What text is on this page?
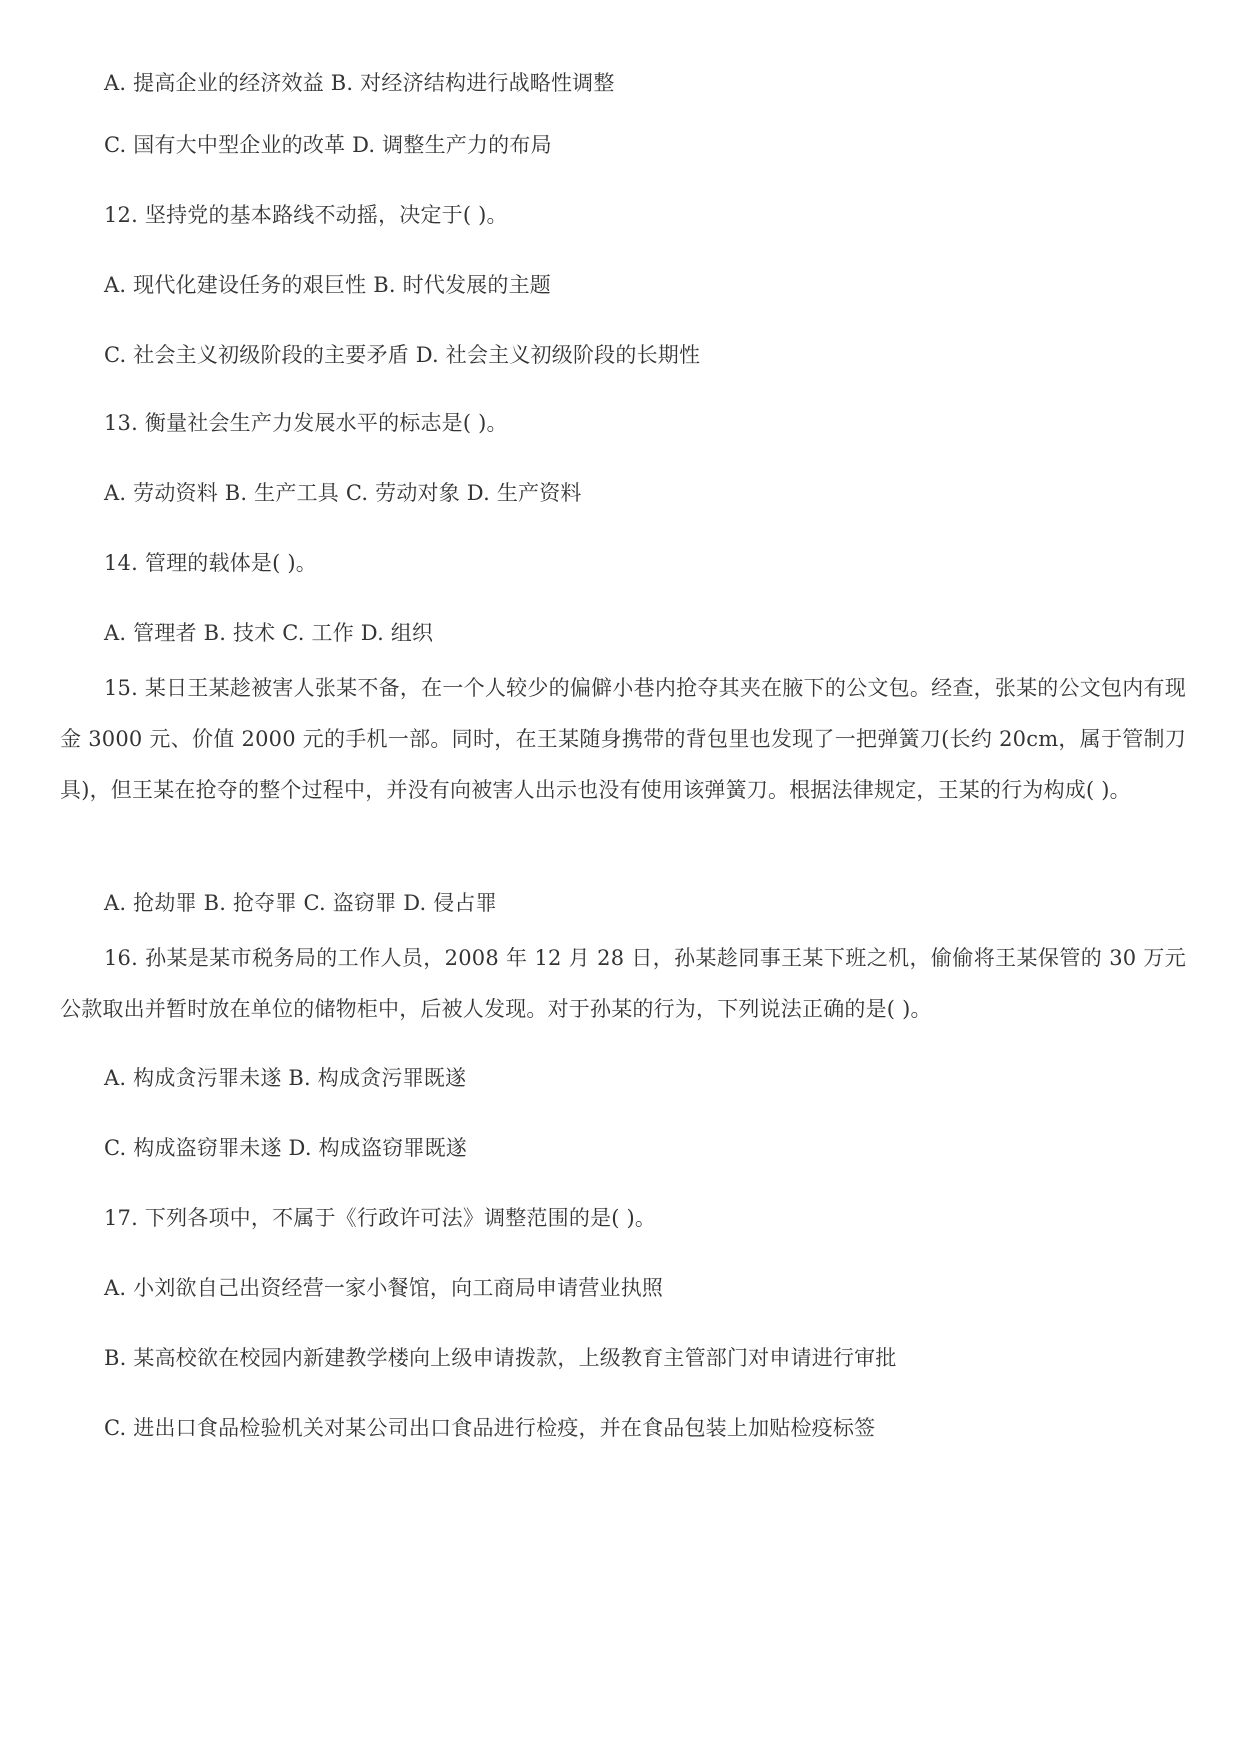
A. 提高企业的经济效益 B. 对经济结构进行战略性调整
C. 国有大中型企业的改革 D. 调整生产力的布局
12. 坚持党的基本路线不动摇，决定于( )。
A. 现代化建设任务的艰巨性 B. 时代发展的主题
C. 社会主义初级阶段的主要矛盾 D. 社会主义初级阶段的长期性
13. 衡量社会生产力发展水平的标志是( )。
A. 劳动资料 B. 生产工具 C. 劳动对象 D. 生产资料
14. 管理的载体是( )。
A. 管理者 B. 技术 C. 工作 D. 组织
15. 某日王某趁被害人张某不备，在一个人较少的偏僻小巷内抢夺其夹在腋下的公文包。经查，张某的公文包内有现金 3000 元、价值 2000 元的手机一部。同时，在王某随身携带的背包里也发现了一把弹簧刀(长约 20cm，属于管制刀具)，但王某在抢夺的整个过程中，并没有向被害人出示也没有使用该弹簧刀。根据法律规定，王某的行为构成( )。
A. 抢劫罪 B. 抢夺罪 C. 盗窃罪 D. 侵占罪
16. 孙某是某市税务局的工作人员，2008 年 12 月 28 日，孙某趁同事王某下班之机，偷偷将王某保管的 30 万元公款取出并暂时放在单位的储物柜中，后被人发现。对于孙某的行为，下列说法正确的是( )。
A. 构成贪污罪未遂 B. 构成贪污罪既遂
C. 构成盗窃罪未遂 D. 构成盗窃罪既遂
17. 下列各项中，不属于《行政许可法》调整范围的是( )。
A. 小刘欲自己出资经营一家小餐馆，向工商局申请营业执照
B. 某高校欲在校园内新建教学楼向上级申请拨款，上级教育主管部门对申请进行审批
C. 进出口食品检验机关对某公司出口食品进行检疫，并在食品包装上加贴检疫标签
